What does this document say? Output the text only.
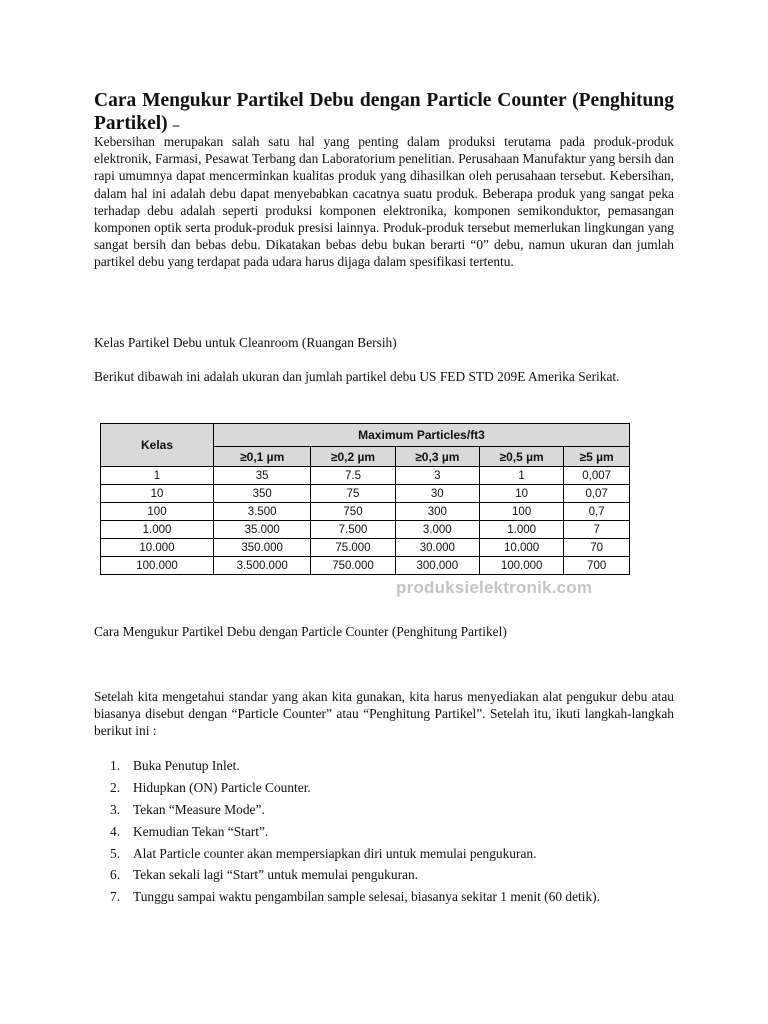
Cara Mengukur Partikel Debu dengan Particle Counter (Penghitung Partikel) –

Kebersihan merupakan salah satu hal yang penting dalam produksi terutama pada produk-produk elektronik, Farmasi, Pesawat Terbang dan Laboratorium penelitian. Perusahaan Manufaktur yang bersih dan rapi umumnya dapat mencerminkan kualitas produk yang dihasilkan oleh perusahaan tersebut. Kebersihan, dalam hal ini adalah debu dapat menyebabkan cacatnya suatu produk. Beberapa produk yang sangat peka terhadap debu adalah seperti produksi komponen elektronika, komponen semikonduktor, pemasangan komponen optik serta produk-produk presisi lainnya. Produk-produk tersebut memerlukan lingkungan yang sangat bersih dan bebas debu. Dikatakan bebas debu bukan berarti “0” debu, namun ukuran dan jumlah partikel debu yang terdapat pada udara harus dijaga dalam spesifikasi tertentu.

Kelas Partikel Debu untuk Cleanroom (Ruangan Bersih)

Berikut dibawah ini adalah ukuran dan jumlah partikel debu US FED STD 209E Amerika Serikat.

Kelas	Maximum Particles/ft3				
	≥0,1 µm	≥0,2 µm	≥0,3 µm	≥0,5 µm	≥5 µm
1	35	7.5	3	1	0,007
10	350	75	30	10	0,07
100	3.500	750	300	100	0,7
1.000	35.000	7.500	3.000	1.000	7
10.000	350.000	75.000	30.000	10.000	70
100.000	3.500.000	750.000	300.000	100.000	700
produksielektronik.com

Cara Mengukur Partikel Debu dengan Particle Counter (Penghitung Partikel)

Setelah kita mengetahui standar yang akan kita gunakan, kita harus menyediakan alat pengukur debu atau biasanya disebut dengan “Particle Counter” atau “Penghitung Partikel”. Setelah itu, ikuti langkah-langkah berikut ini :

1. Buka Penutup Inlet.
2. Hidupkan (ON) Particle Counter.
3. Tekan “Measure Mode”.
4. Kemudian Tekan “Start”.
5. Alat Particle counter akan mempersiapkan diri untuk memulai pengukuran.
6. Tekan sekali lagi “Start” untuk memulai pengukuran.
7. Tunggu sampai waktu pengambilan sample selesai, biasanya sekitar 1 menit (60 detik).
